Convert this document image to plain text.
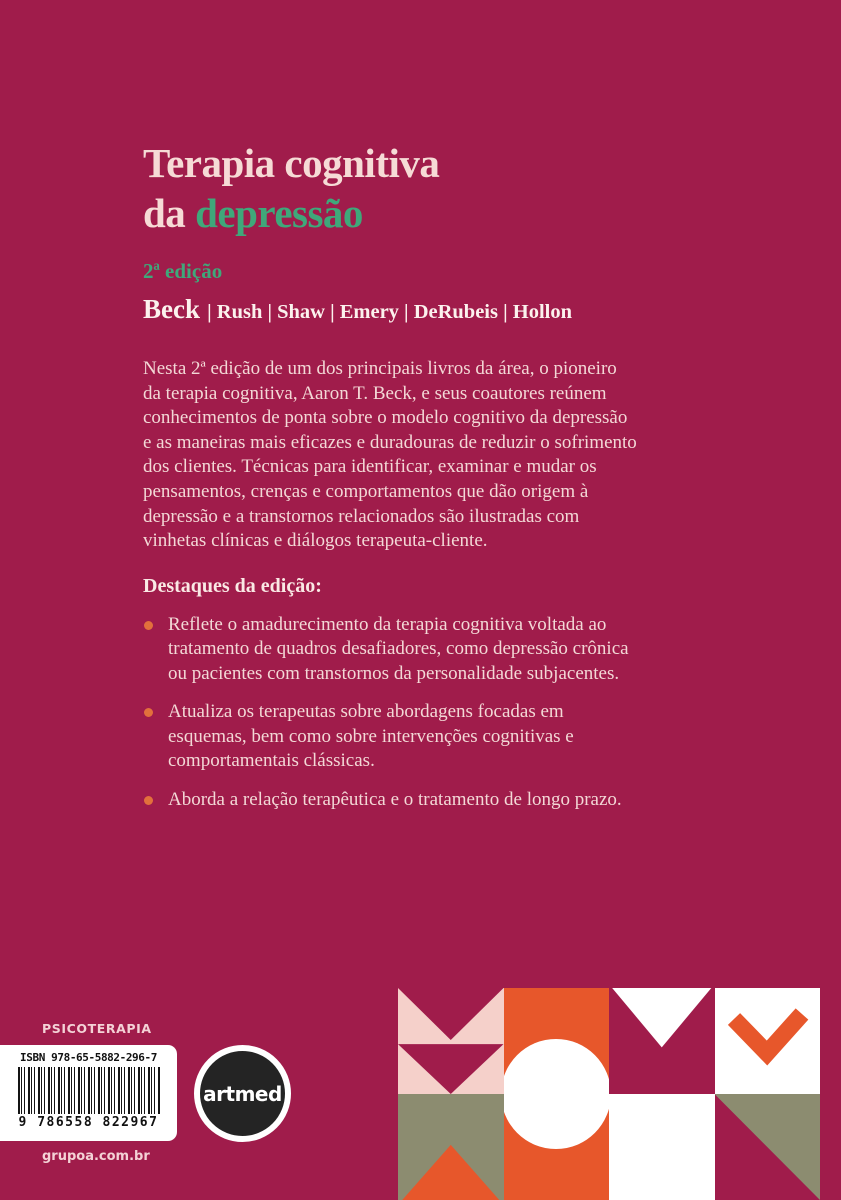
Terapia cognitiva
da depressão
2ª edição
Beck | Rush | Shaw | Emery | DeRubeis | Hollon
Nesta 2ª edição de um dos principais livros da área, o pioneiro
da terapia cognitiva, Aaron T. Beck, e seus coautores reúnem
conhecimentos de ponta sobre o modelo cognitivo da depressão
e as maneiras mais eficazes e duradouras de reduzir o sofrimento
dos clientes. Técnicas para identificar, examinar e mudar os
pensamentos, crenças e comportamentos que dão origem à
depressão e a transtornos relacionados são ilustradas com
vinhetas clínicas e diálogos terapeuta-cliente.
Destaques da edição:
Reflete o amadurecimento da terapia cognitiva voltada ao
tratamento de quadros desafiadores, como depressão crônica
ou pacientes com transtornos da personalidade subjacentes.
Atualiza os terapeutas sobre abordagens focadas em
esquemas, bem como sobre intervenções cognitivas e
comportamentais clássicas.
Aborda a relação terapêutica e o tratamento de longo prazo.
PSICOTERAPIA
ISBN 978-65-5882-296-7
9 786558 822967
artmed
grupoa.com.br
